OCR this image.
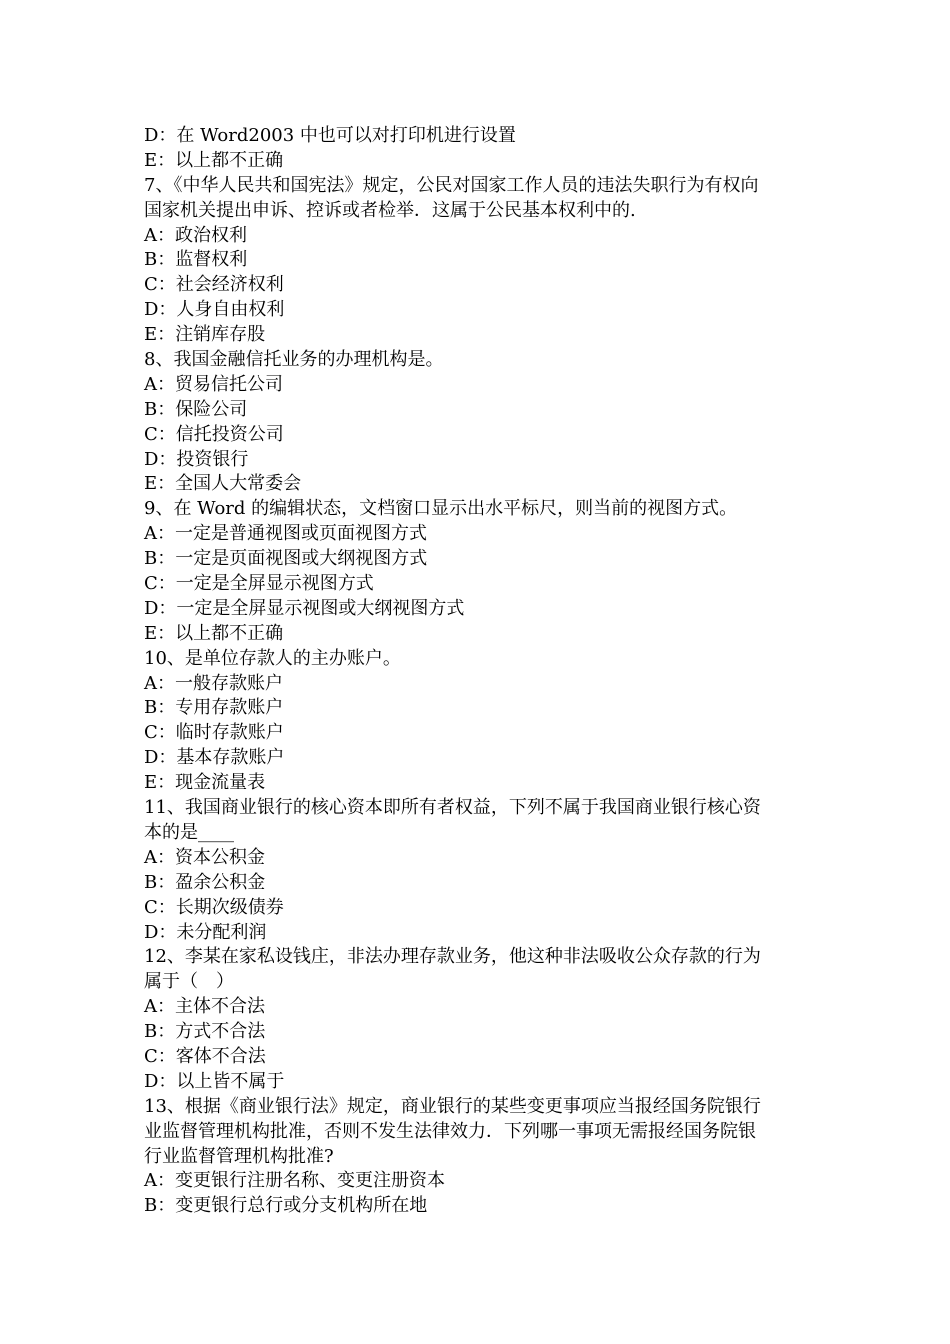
D：在 Word2003 中也可以对打印机进行设置

E：以上都不正确

7、《中华人民共和国宪法》规定，公民对国家工作人员的违法失职行为有权向

国家机关提出申诉、控诉或者检举．这属于公民基本权利中的.

A：政治权利

B：监督权利

C：社会经济权利

D：人身自由权利

E：注销库存股

8、我国金融信托业务的办理机构是。

A：贸易信托公司

B：保险公司

C：信托投资公司

D：投资银行

E：全国人大常委会

9、在 Word 的编辑状态，文档窗口显示出水平标尺，则当前的视图方式。

A：一定是普通视图或页面视图方式

B：一定是页面视图或大纲视图方式

C：一定是全屏显示视图方式

D：一定是全屏显示视图或大纲视图方式

E：以上都不正确

10、是单位存款人的主办账户。

A：一般存款账户

B：专用存款账户

C：临时存款账户

D：基本存款账户

E：现金流量表

11、我国商业银行的核心资本即所有者权益，下列不属于我国商业银行核心资

本的是____

A：资本公积金

B：盈余公积金

C：长期次级债券

D：未分配利润

12、李某在家私设钱庄，非法办理存款业务，他这种非法吸收公众存款的行为

属于（　）

A：主体不合法

B：方式不合法

C：客体不合法

D：以上皆不属于

13、根据《商业银行法》规定，商业银行的某些变更事项应当报经国务院银行

业监督管理机构批准，否则不发生法律效力．下列哪一事项无需报经国务院银

行业监督管理机构批准?

A：变更银行注册名称、变更注册资本

B：变更银行总行或分支机构所在地
